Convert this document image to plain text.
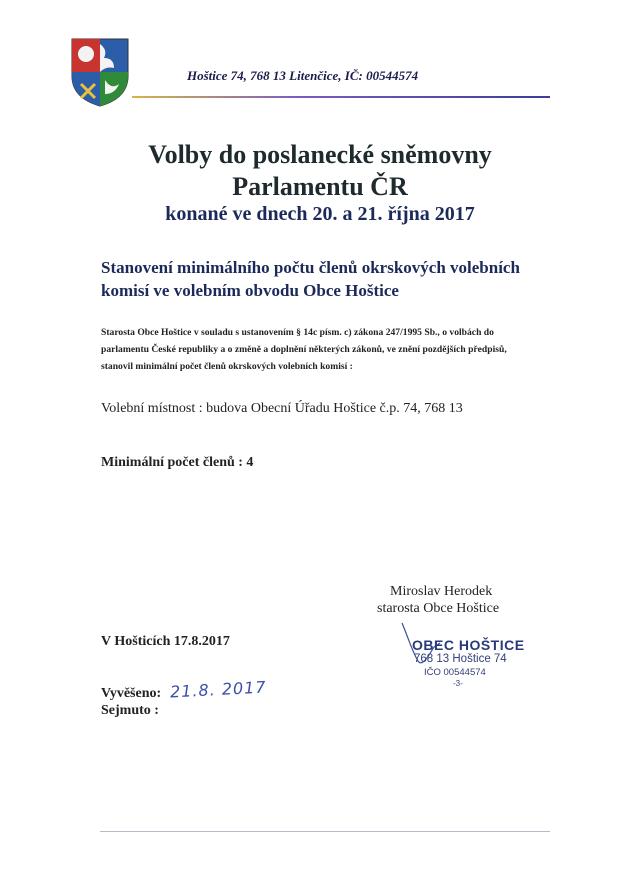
Hoštice 74, 768 13 Litenčice, IČ: 00544574
Volby do poslanecké sněmovny
Parlamentu ČR
konané ve dnech 20. a 21. října 2017
Stanovení minimálního počtu členů okrskových volebních komisí ve volebním obvodu Obce Hoštice
Starosta Obce Hoštice v souladu s ustanovením § 14c písm. c) zákona 247/1995 Sb., o volbách do parlamentu České republiky a o změně a doplnění některých zákonů, ve znění pozdějších předpisů, stanovil minimální počet členů okrskových volebních komisí :
Volební místnost : budova Obecní Úřadu Hoštice č.p. 74, 768 13
Minimální počet členů : 4
Miroslav Herodek
starosta Obce Hoštice
V Hošticích 17.8.2017	OBEC HOŠTICE
768 13 Hoštice 74
IČO 00544574
-3-
Vyvěšeno: 21.8. 2017
Sejmuto :
